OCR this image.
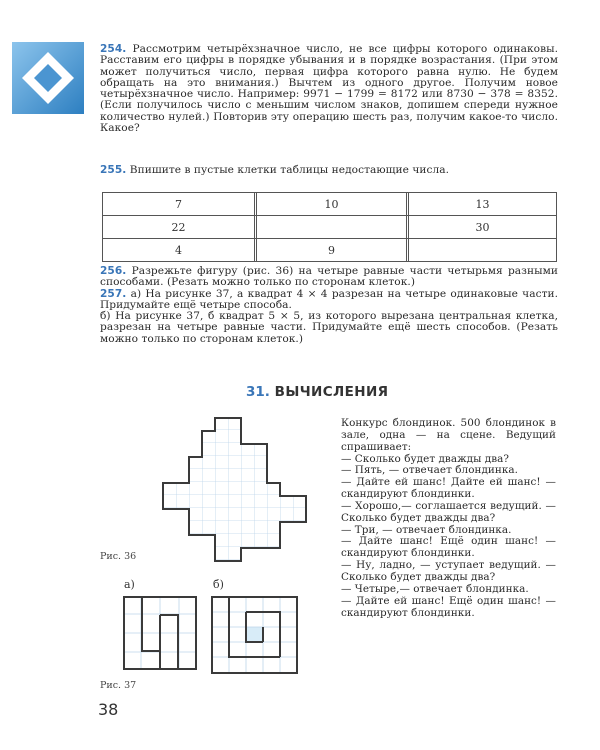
254. Рассмотрим четырёхзначное число, не все цифры которого одинаковы. Расставим его цифры в порядке убывания и в порядке возрастания. (При этом может получиться число, первая цифра которого равна нулю. Не будем обращать на это внимания.) Вычтем из одного другое. Получим новое четырёхзначное число. Например: 9971 − 1799 = 8172 или 8730 − 378 = 8352. (Если получилось число с меньшим числом знаков, допишем спереди нужное количество нулей.) Повторив эту операцию шесть раз, получим какое-то число. Какое?
255. Впишите в пустые клетки таблицы недостающие числа.
7		10		13
22				30
4		9		
256. Разрежьте фигуру (рис. 36) на четыре равные части четырьмя разными способами. (Резать можно только по сторонам клеток.)
257. а) На рисунке 37, а квадрат 4 × 4 разрезан на четыре одинаковые части. Придумайте ещё четыре способа.
б) На рисунке 37, б квадрат 5 × 5, из которого вырезана центральная клетка, разрезан на четыре равные части. Придумайте ещё шесть способов. (Резать можно только по сторонам клеток.)
31. ВЫЧИСЛЕНИЯ
Конкурс блондинок. 500 блондинок в зале, одна — на сцене. Ведущий спрашивает:
— Сколько будет дважды два?
— Пять, — отвечает блондинка.
— Дайте ей шанс! Дайте ей шанс! — скандируют блондинки.
— Хорошо,— соглашается ведущий. — Сколько будет дважды два?
— Три, — отвечает блондинка.
— Дайте шанс! Ещё один шанс! — скандируют блондинки.
— Ну, ладно, — уступает ведущий. — Сколько будет дважды два?
— Четыре,— отвечает блондинка.
— Дайте ей шанс! Ещё один шанс! — скандируют блондинки.
Рис. 36
а)	б)
Рис. 37
38
